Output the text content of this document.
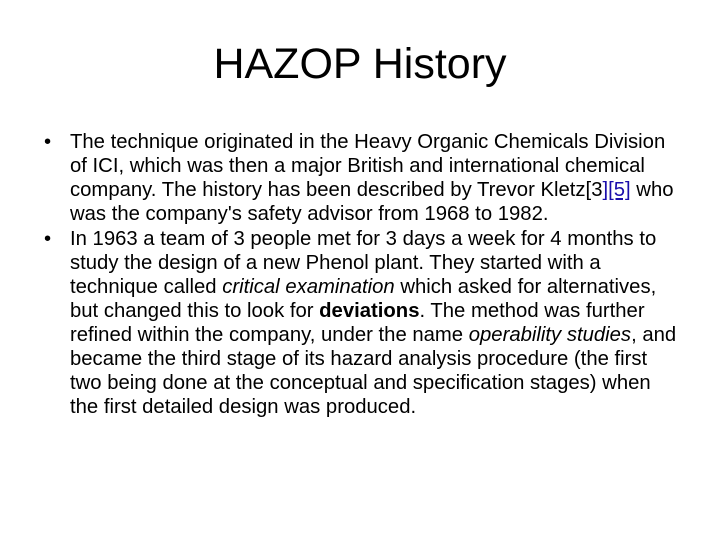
HAZOP History
• The technique originated in the Heavy Organic Chemicals Division of ICI, which was then a major British and international chemical company. The history has been described by Trevor Kletz[3][5] who was the company's safety advisor from 1968 to 1982.
• In 1963 a team of 3 people met for 3 days a week for 4 months to study the design of a new Phenol plant. They started with a technique called critical examination which asked for alternatives, but changed this to look for deviations. The method was further refined within the company, under the name operability studies, and became the third stage of its hazard analysis procedure (the first two being done at the conceptual and specification stages) when the first detailed design was produced.
